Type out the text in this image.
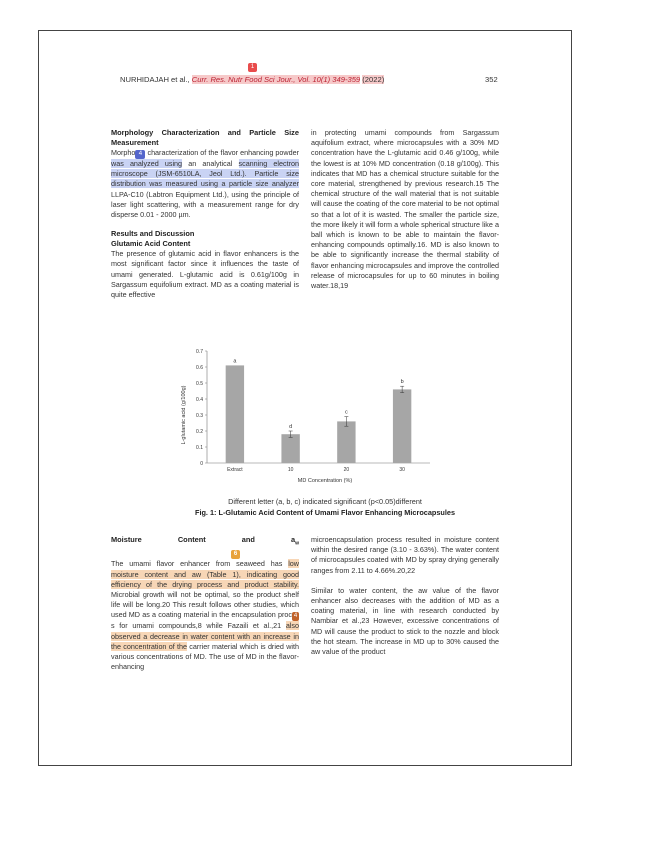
1
NURHIDAJAH et al., Curr. Res. Nutr Food Sci Jour., Vol. 10(1) 349-359 (2022)	352
Morphology Characterization and Particle Size Measurement

Morpho 4 characterization of the flavor enhancing powder was analyzed using an analytical scanning electron microscope (JSM-6510LA, Jeol Ltd.). Particle size distribution was measured using a particle size analyzer LLPA-C10 (Labtron Equipment Ltd.), using the principle of laser light scattering, with a measurement range for dry disperse 0.01 - 2000 µm.

Results and Discussion
Glutamic Acid Content

The presence of glutamic acid in flavor enhancers is the most significant factor since it influences the taste of umami generated. L-glutamic acid is 0.61g/100g in Sargassum equifolium extract. MD as a coating material is quite effective

in protecting umami compounds from Sargassum aquifolium extract, where microcapsules with a 30% MD concentration have the L-glutamic acid 0.46 g/100g, while the lowest is at 10% MD concentration (0.18 g/100g). This indicates that MD has a chemical structure suitable for the core material, strengthened by previous research.15 The chemical structure of the wall material that is not suitable will cause the coating of the core material to be not optimal so that a lot of it is wasted. The smaller the particle size, the more likely it will form a whole spherical structure like a ball which is known to be able to maintain the flavor-enhancing compounds optimally.16. MD is also known to be able to significantly increase the thermal stability of flavor enhancing microcapsules and improve the controlled release of microcapsules for up to 60 minutes in boiling water.18,19

0
0.1
0.2
0.3
0.4
0.5
0.6
0.7
a
Extract
d
10
c
20
b
30
L-glutamic acid (g/100g)
MD Concentration (%)
Different letter (a, b, c) indicated significant (p<0.05)different
Fig. 1: L-Glutamic Acid Content of Umami Flavor Enhancing Microcapsules
Moisture Content and $a_w$ 6

The umami flavor enhancer from seaweed has low moisture content and aw (Table 1), indicating good efficiency of the drying process and product stability. Microbial growth will not be optimal, so the product shelf life will be long.20 This result follows other studies, which used MD as a coating material in the encapsulation proc 4s for umami compounds,8 while Fazaili et al.,21 also observed a decrease in water content with an increase in the concentration of the carrier material which is dried with various concentrations of MD. The use of MD in the flavor-enhancing

microencapsulation process resulted in moisture content within the desired range (3.10 - 3.63%). The water content of microcapsules coated with MD by spray drying generally ranges from 2.11 to 4.66%.20,22

Similar to water content, the aw value of the flavor enhancer also decreases with the addition of MD as a coating material, in line with research conducted by Nambiar et al.,23 However, excessive concentrations of MD will cause the product to stick to the nozzle and block the hot steam. The increase in MD up to 30% caused the aw value of the product
